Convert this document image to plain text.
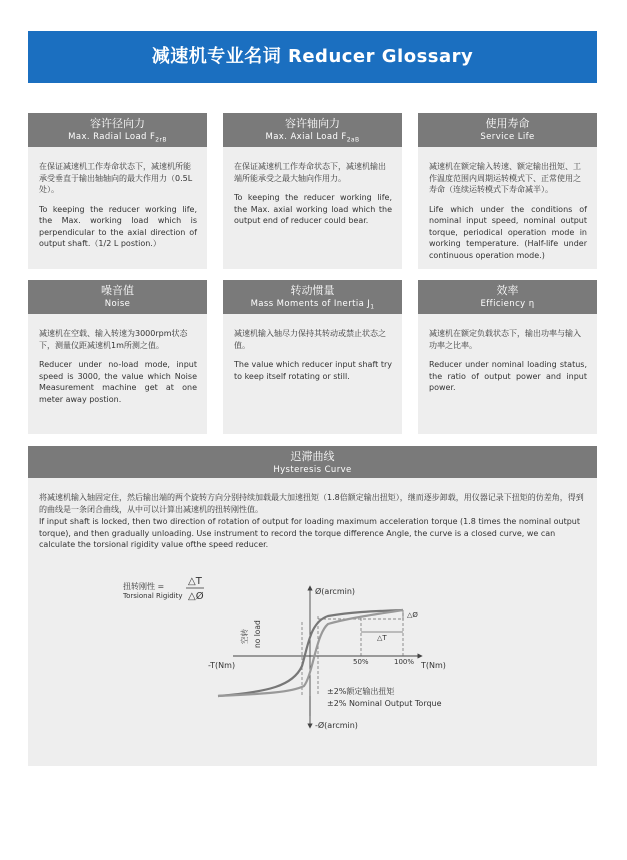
减速机专业名词 Reducer Glossary
容许径向力
Max. Radial Load $F_{2rB}$

在保证减速机工作寿命状态下，减速机所能承受垂直于输出轴轴向的最大作用力（0.5L处）。

To keeping the reducer working life, the Max. working load which is perpendicular to the axial direction of output shaft.（1/2 L postion.）

容许轴向力
Max. Axial Load $F_{2aB}$

在保证减速机工作寿命状态下，减速机输出端所能承受之最大轴向作用力。

To keeping the reducer working life, the Max. axial working load which the output end of reducer could bear.

使用寿命
Service Life

减速机在额定输入转速、额定输出扭矩、工作温度范围内周期运转模式下、正常使用之寿命（连续运转模式下寿命减半）。

Life which under the conditions of nominal input speed, nominal output torque, periodical operation mode in working temperature. (Half-life under continuous operation mode.)

噪音值
Noise

减速机在空载、输入转速为3000rpm状态下，测量仪距减速机1m所测之值。

Reducer under no-load mode, input speed is 3000, the value which Noise Measurement machine get at one meter away postion.

转动惯量
Mass Moments of Inertia $J_1$

减速机输入轴尽力保持其转动或禁止状态之值。

The value which reducer input shaft try to keep itself rotating or still.

效率
Efficiency η

减速机在额定负载状态下，输出功率与输入功率之比率。

Reducer under nominal loading status, the ratio of output power and input power.

迟滞曲线
Hysteresis Curve

将减速机输入轴固定住，然后输出端的两个旋转方向分别持续加载最大加速扭矩（1.8倍额定输出扭矩），继而逐步卸载，用仪器记录下扭矩的仿差角，得到的曲线是一条闭合曲线，从中可以计算出减速机的扭转刚性值。

If input shaft is locked, then two direction of rotation of output for loading maximum acceleration torque (1.8 times the nominal output torque), and then gradually unloading. Use instrument to record the torque difference Angle, the curve is a closed curve, we can calculate the torsional rigidity value ofthe speed reducer.

扭转刚性 =
Torsional Rigidity
△T
△Ø	Ø(arcmin)
-Ø(arcmin)
T(Nm)
-T(Nm)
空转 no load
△Ø
△T
50%	100%
±2%额定输出扭矩
±2% Nominal Output Torque
